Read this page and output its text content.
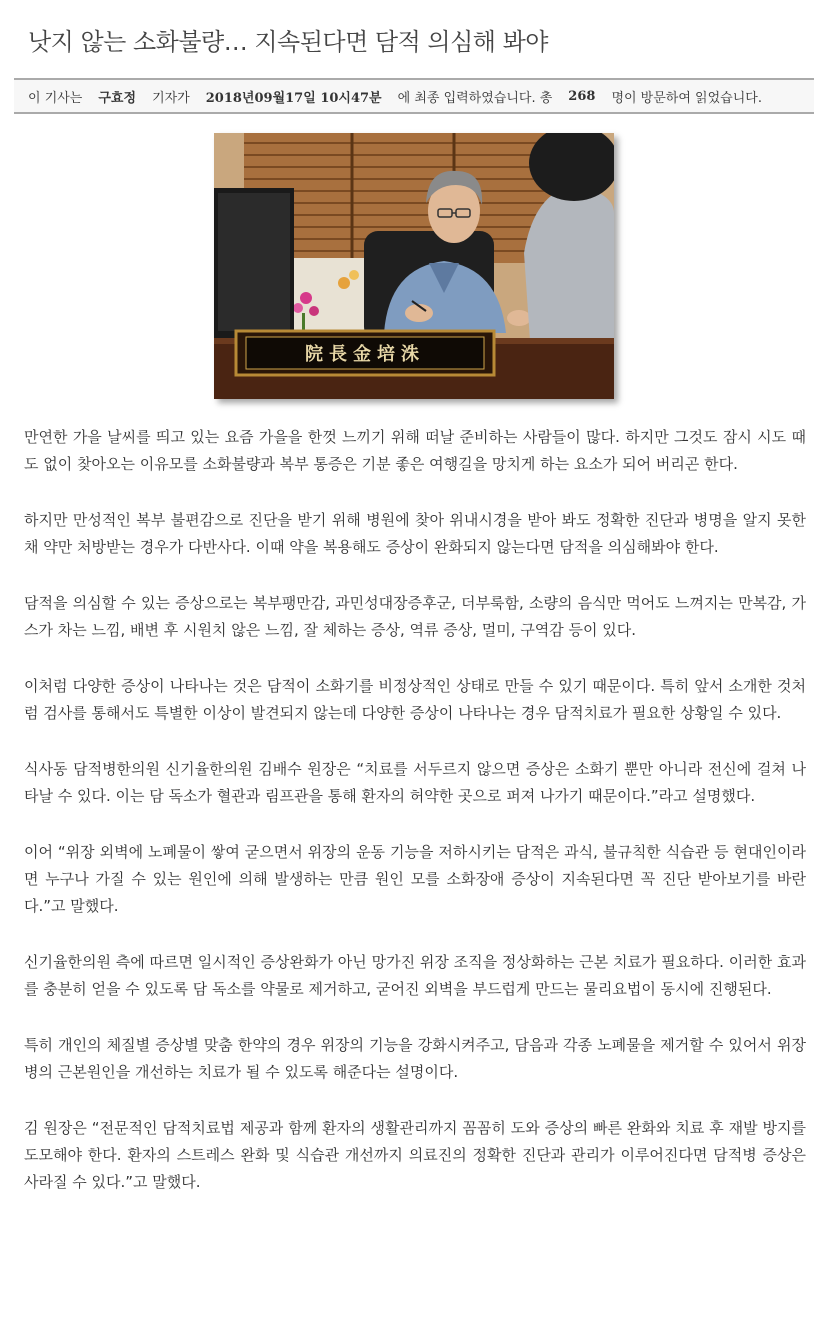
낫지 않는 소화불량… 지속된다면 담적 의심해 봐야
이 기사는 구효정 기자가 2018년09월17일 10시47분 에 최종 입력하였습니다. 총 268 명이 방문하여 읽었습니다.
院長金培洙

만연한 가을 날씨를 띄고 있는 요즘 가을을 한껏 느끼기 위해 떠날 준비하는 사람들이 많다. 하지만 그것도 잠시 시도 때도 없이 찾아오는 이유모를 소화불량과 복부 통증은 기분 좋은 여행길을 망치게 하는 요소가 되어 버리곤 한다.

하지만 만성적인 복부 불편감으로 진단을 받기 위해 병원에 찾아 위내시경을 받아 봐도 정확한 진단과 병명을 알지 못한 채 약만 처방받는 경우가 다반사다. 이때 약을 복용해도 증상이 완화되지 않는다면 담적을 의심해봐야 한다.

담적을 의심할 수 있는 증상으로는 복부팽만감, 과민성대장증후군, 더부룩함, 소량의 음식만 먹어도 느껴지는 만복감, 가스가 차는 느낌, 배변 후 시원치 않은 느낌, 잘 체하는 증상, 역류 증상, 멀미, 구역감 등이 있다.

이처럼 다양한 증상이 나타나는 것은 담적이 소화기를 비정상적인 상태로 만들 수 있기 때문이다. 특히 앞서 소개한 것처럼 검사를 통해서도 특별한 이상이 발견되지 않는데 다양한 증상이 나타나는 경우 담적치료가 필요한 상황일 수 있다.

식사동 담적병한의원 신기율한의원 김배수 원장은 “치료를 서두르지 않으면 증상은 소화기 뿐만 아니라 전신에 걸쳐 나타날 수 있다. 이는 담 독소가 혈관과 림프관을 통해 환자의 허약한 곳으로 퍼져 나가기 때문이다.”라고 설명했다.

이어 “위장 외벽에 노폐물이 쌓여 굳으면서 위장의 운동 기능을 저하시키는 담적은 과식, 불규칙한 식습관 등 현대인이라면 누구나 가질 수 있는 원인에 의해 발생하는 만큼 원인 모를 소화장애 증상이 지속된다면 꼭 진단 받아보기를 바란다.”고 말했다.

신기율한의원 측에 따르면 일시적인 증상완화가 아닌 망가진 위장 조직을 정상화하는 근본 치료가 필요하다. 이러한 효과를 충분히 얻을 수 있도록 담 독소를 약물로 제거하고, 굳어진 외벽을 부드럽게 만드는 물리요법이 동시에 진행된다.

특히 개인의 체질별 증상별 맞춤 한약의 경우 위장의 기능을 강화시켜주고, 담음과 각종 노폐물을 제거할 수 있어서 위장병의 근본원인을 개선하는 치료가 될 수 있도록 해준다는 설명이다.

김 원장은 “전문적인 담적치료법 제공과 함께 환자의 생활관리까지 꼼꼼히 도와 증상의 빠른 완화와 치료 후 재발 방지를 도모해야 한다. 환자의 스트레스 완화 및 식습관 개선까지 의료진의 정확한 진단과 관리가 이루어진다면 담적병 증상은 사라질 수 있다.”고 말했다.
